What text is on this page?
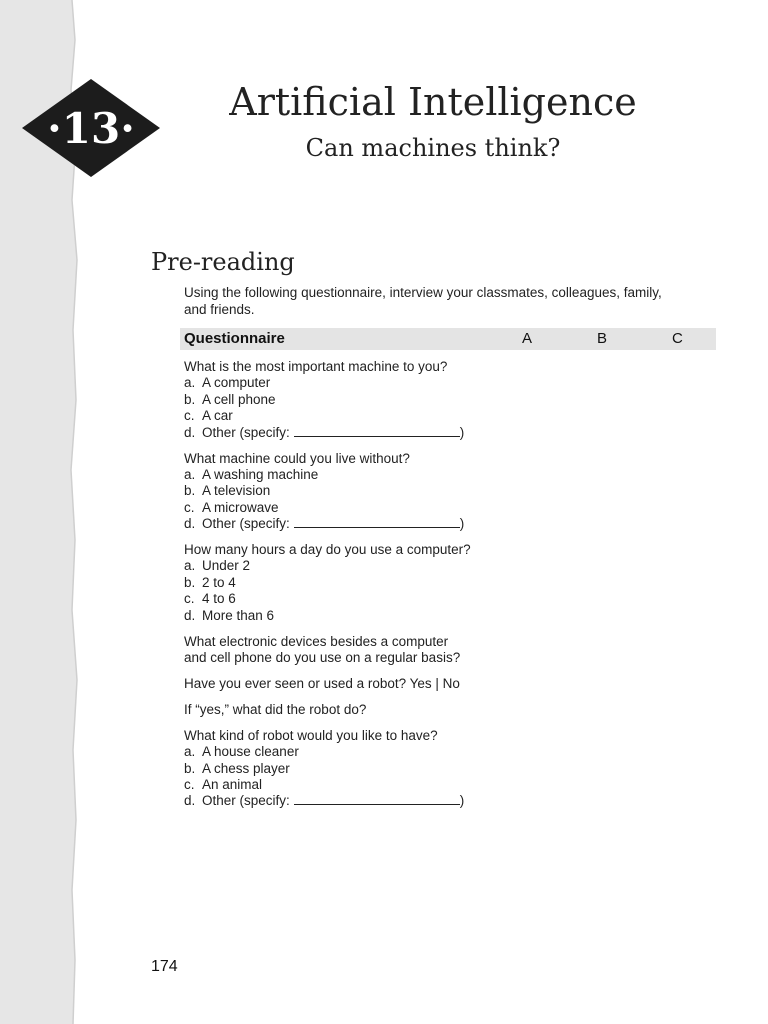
·13·
Artificial Intelligence
Can machines think?
Pre-reading
Using the following questionnaire, interview your classmates, colleagues, family,
and friends.
Questionnaire	A	B	C
What is the most important machine to you?
a. A computer
b. A cell phone
c. A car
d. Other (specify:	)
What machine could you live without?
a. A washing machine
b. A television
c. A microwave
d. Other (specify:	)
How many hours a day do you use a computer?
a. Under 2
b. 2 to 4
c. 4 to 6
d. More than 6
What electronic devices besides a computer
and cell phone do you use on a regular basis?
Have you ever seen or used a robot? Yes | No
If “yes,” what did the robot do?
What kind of robot would you like to have?
a. A house cleaner
b. A chess player
c. An animal
d. Other (specify:	)
174
